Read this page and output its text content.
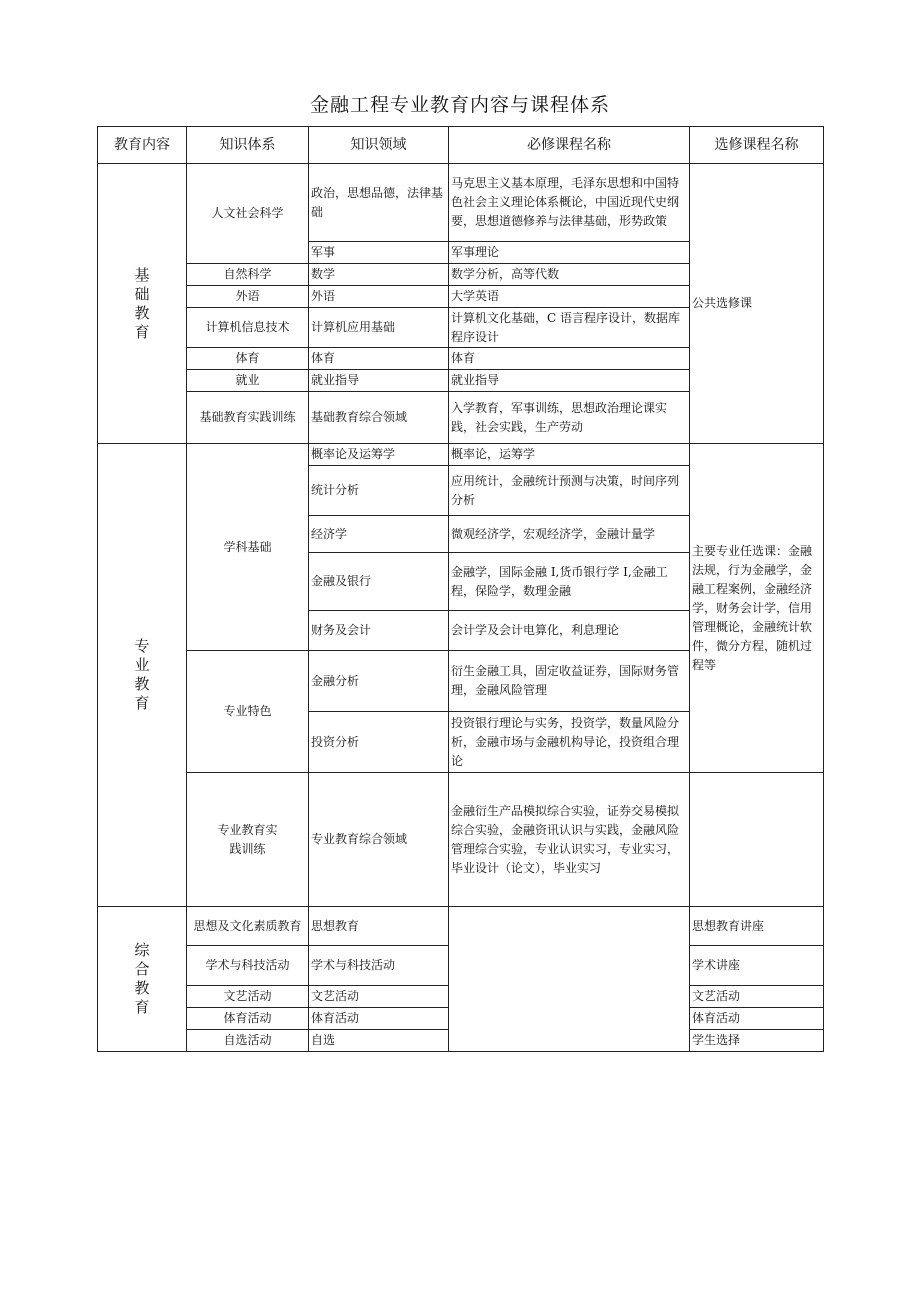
金融工程专业教育内容与课程体系
教育内容	知识体系	知识领域	必修课程名称	选修课程名称
基础教育	人文社会科学	政治，思想品德，法律基础	马克思主义基本原理，毛泽东思想和中国特色社会主义理论体系概论，中国近现代史纲要，思想道德修养与法律基础，形势政策	公共选修课
		军事	军事理论	
	自然科学	数学	数学分析，高等代数	
	外语	外语	大学英语	
	计算机信息技术	计算机应用基础	计算机文化基础，C 语言程序设计，数据库程序设计	
	体育	体育	体育	
	就业	就业指导	就业指导	
	基础教育实践训练	基础教育综合领域	入学教育，军事训练，思想政治理论课实践，社会实践，生产劳动	
专业教育	学科基础	概率论及运筹学	概率论，运筹学	主要专业任选课：金融法规，行为金融学，金融工程案例，金融经济学，财务会计学，信用管理概论，金融统计软件，微分方程，随机过程等
		统计分析	应用统计，金融统计预测与决策，时间序列分析	
		经济学	微观经济学，宏观经济学，金融计量学	
		金融及银行	金融学，国际金融 I,货币银行学 I,金融工程，保险学，数理金融	
		财务及会计	会计学及会计电算化，利息理论	
	专业特色	金融分析	衍生金融工具，固定收益证券，国际财务管理，金融风险管理	
		投资分析	投资银行理论与实务，投资学，数量风险分析，金融市场与金融机构导论，投资组合理论	
	专业教育实践训练	专业教育综合领域	金融衍生产品模拟综合实验，证券交易模拟综合实验，金融资讯认识与实践，金融风险管理综合实验，专业认识实习，专业实习，毕业设计（论文），毕业实习	
综合教育	思想及文化素质教育	思想教育		思想教育讲座
	学术与科技活动	学术与科技活动		学术讲座
	文艺活动	文艺活动		文艺活动
	体育活动	体育活动		体育活动
	自选活动	自选		学生选择
